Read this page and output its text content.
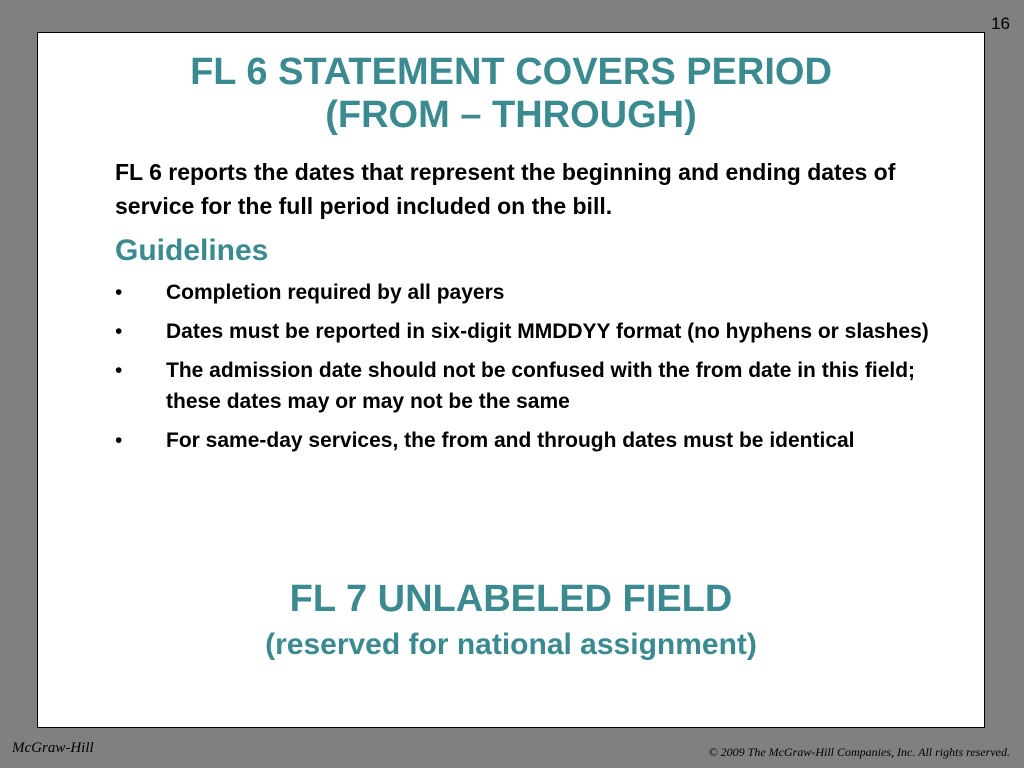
16
FL 6 STATEMENT COVERS PERIOD
(FROM – THROUGH)

FL 6 reports the dates that represent the beginning and ending dates of service for the full period included on the bill.

Guidelines
• Completion required by all payers
• Dates must be reported in six-digit MMDDYY format (no hyphens or slashes)
• The admission date should not be confused with the from date in this field; these dates may or may not be the same
• For same-day services, the from and through dates must be identical
FL 7 UNLABELED FIELD
(reserved for national assignment)
McGraw-Hill	© 2009 The McGraw-Hill Companies, Inc. All rights reserved.
